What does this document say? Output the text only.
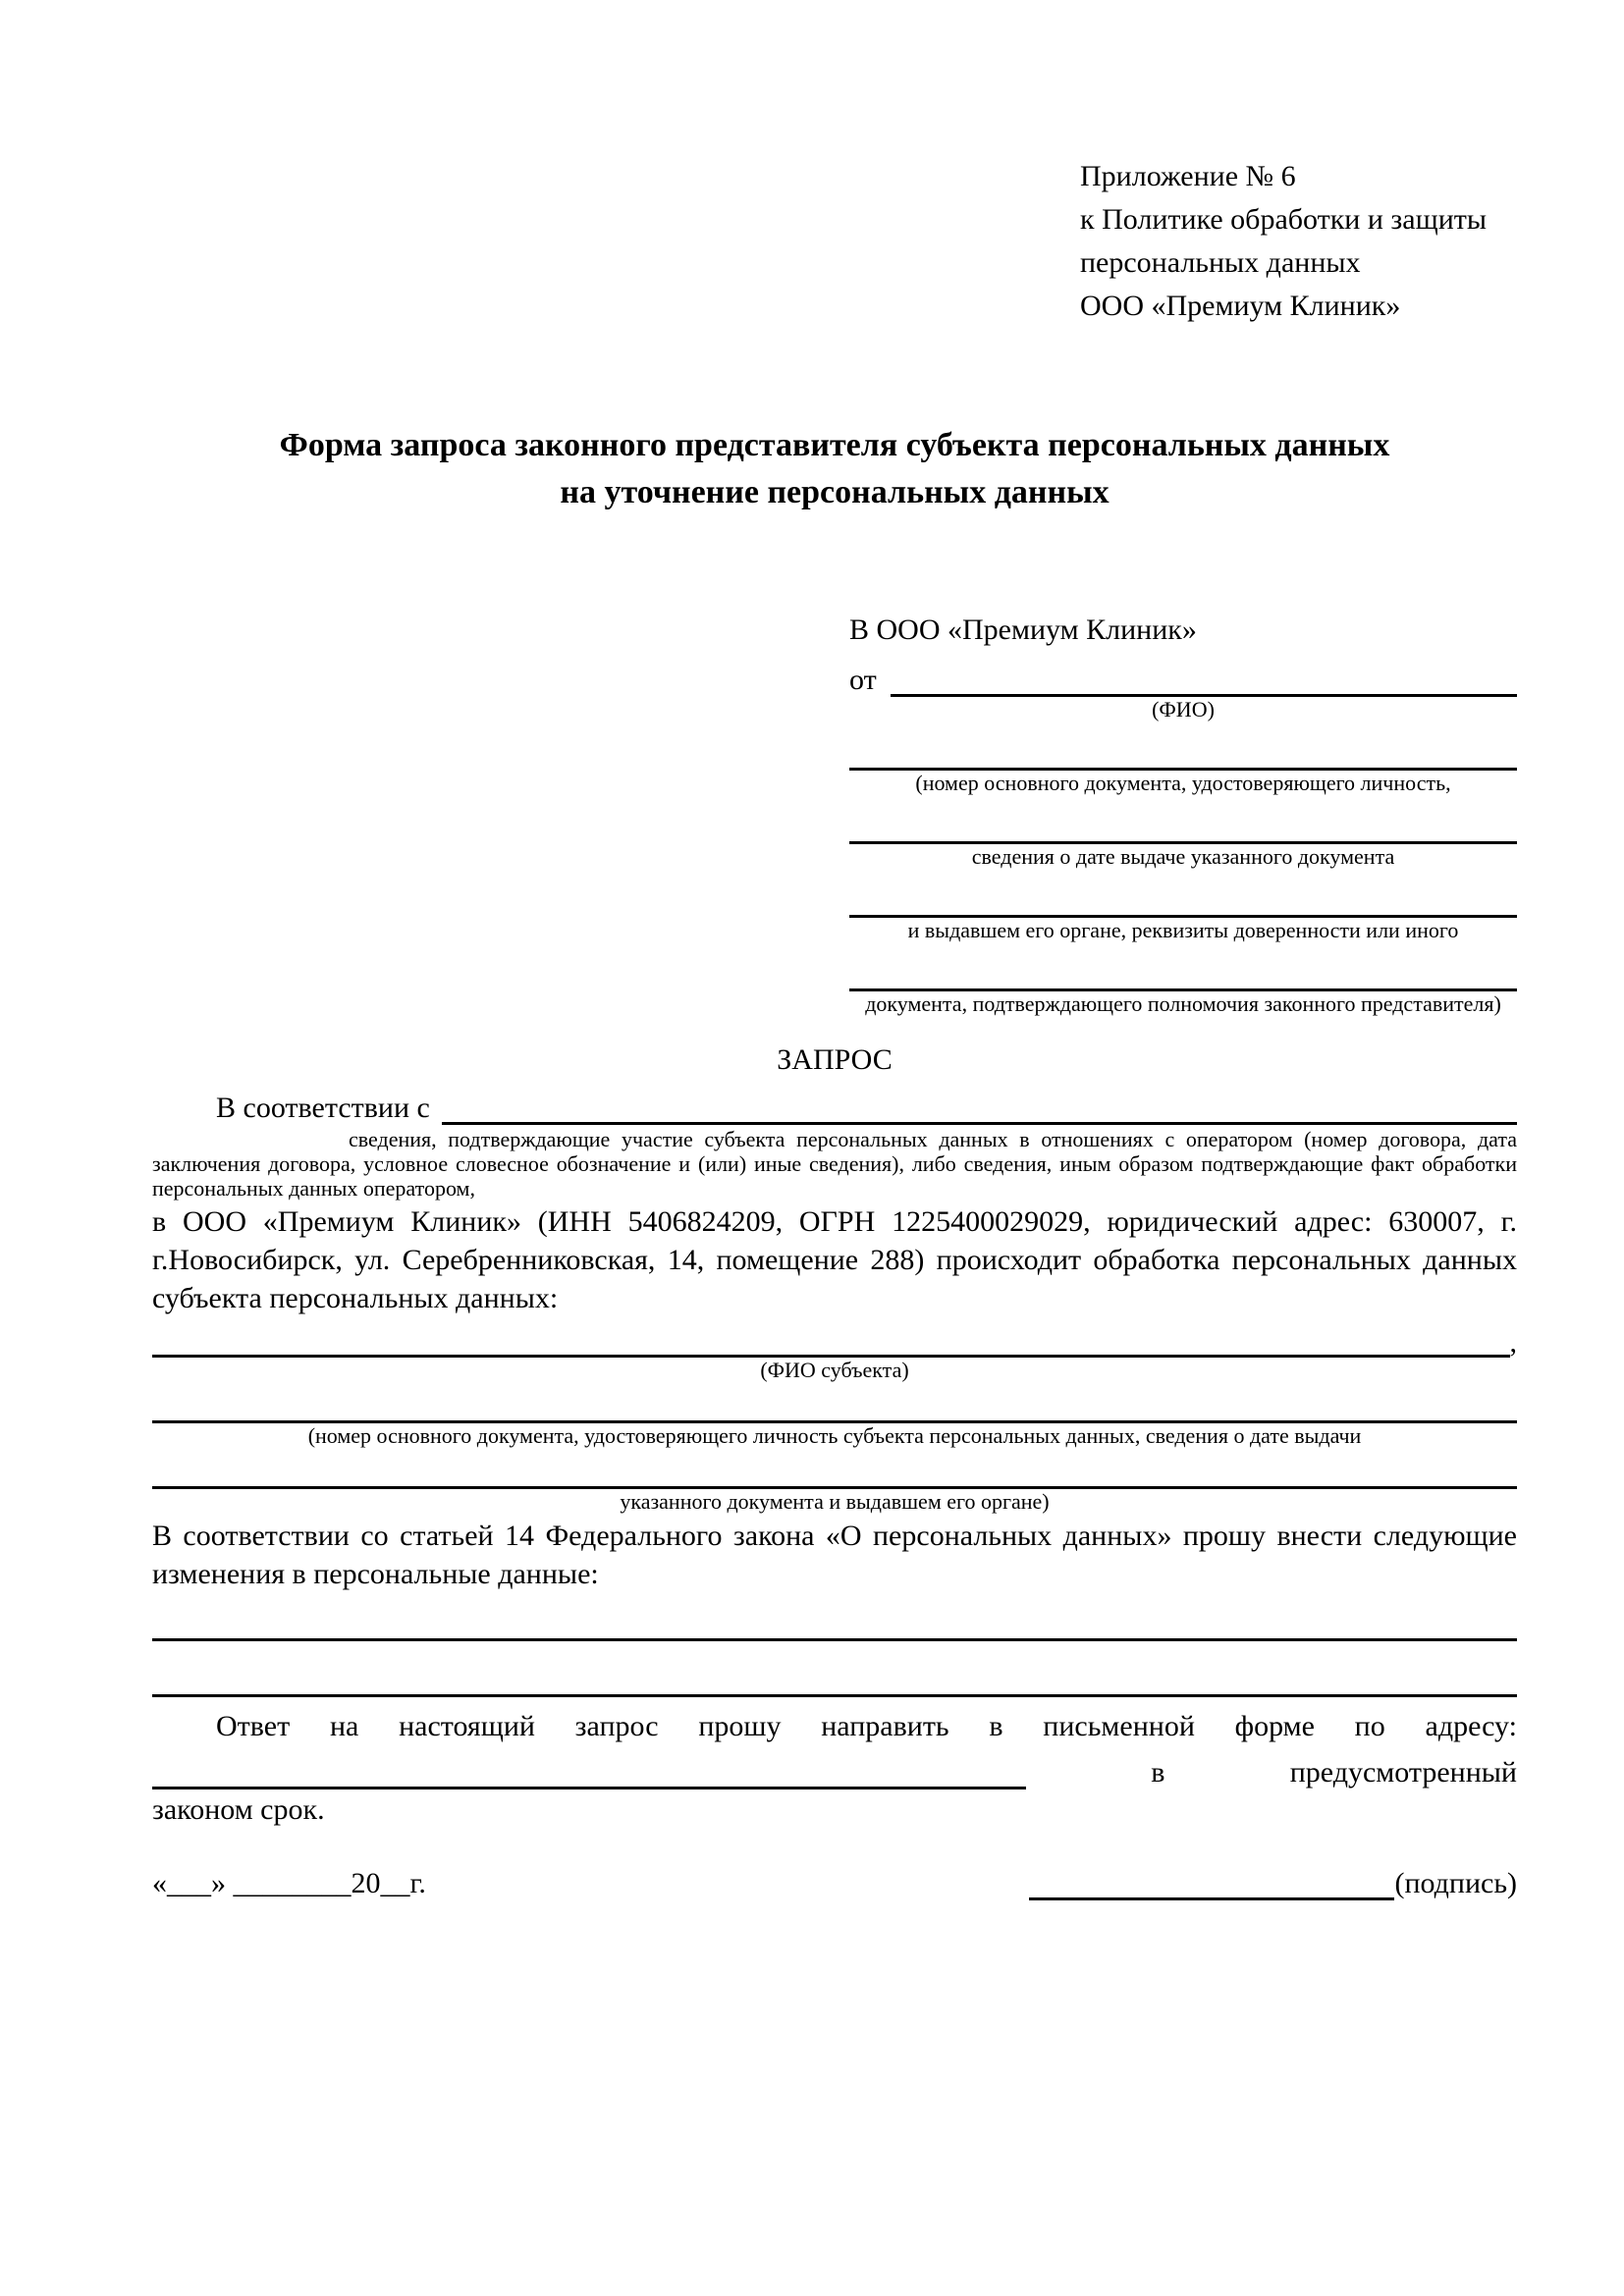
Приложение № 6
к Политике обработки и защиты
персональных данных
ООО «Премиум Клиник»
Форма запроса законного представителя субъекта персональных данных
на уточнение персональных данных
В ООО «Премиум Клиник»
от
(ФИО)
(номер основного документа, удостоверяющего личность,
сведения о дате выдаче указанного документа
и выдавшем его органе, реквизиты доверенности или иного
документа, подтверждающего полномочия законного представителя)
ЗАПРОС
В соответствии с

сведения, подтверждающие участие субъекта персональных данных в отношениях с оператором (номер договора, дата заключения договора, условное словесное обозначение и (или) иные сведения), либо сведения, иным образом подтверждающие факт обработки персональных данных оператором,

в ООО «Премиум Клиник» (ИНН 5406824209, ОГРН 1225400029029, юридический адрес: 630007, г. г.Новосибирск, ул. Серебренниковская, 14, помещение 288) происходит обработка персональных данных субъекта персональных данных:

,
(ФИО субъекта)
(номер основного документа, удостоверяющего личность субъекта персональных данных, сведения о дате выдачи
указанного документа и выдавшем его органе)

В соответствии со статьей 14 Федерального закона «О персональных данных» прошу внести следующие изменения в персональные данные:

Ответ на настоящий запрос прошу направить в письменной форме по адресу:

в	предусмотренный

законом срок.

«___» ________20__г.	(подпись)
